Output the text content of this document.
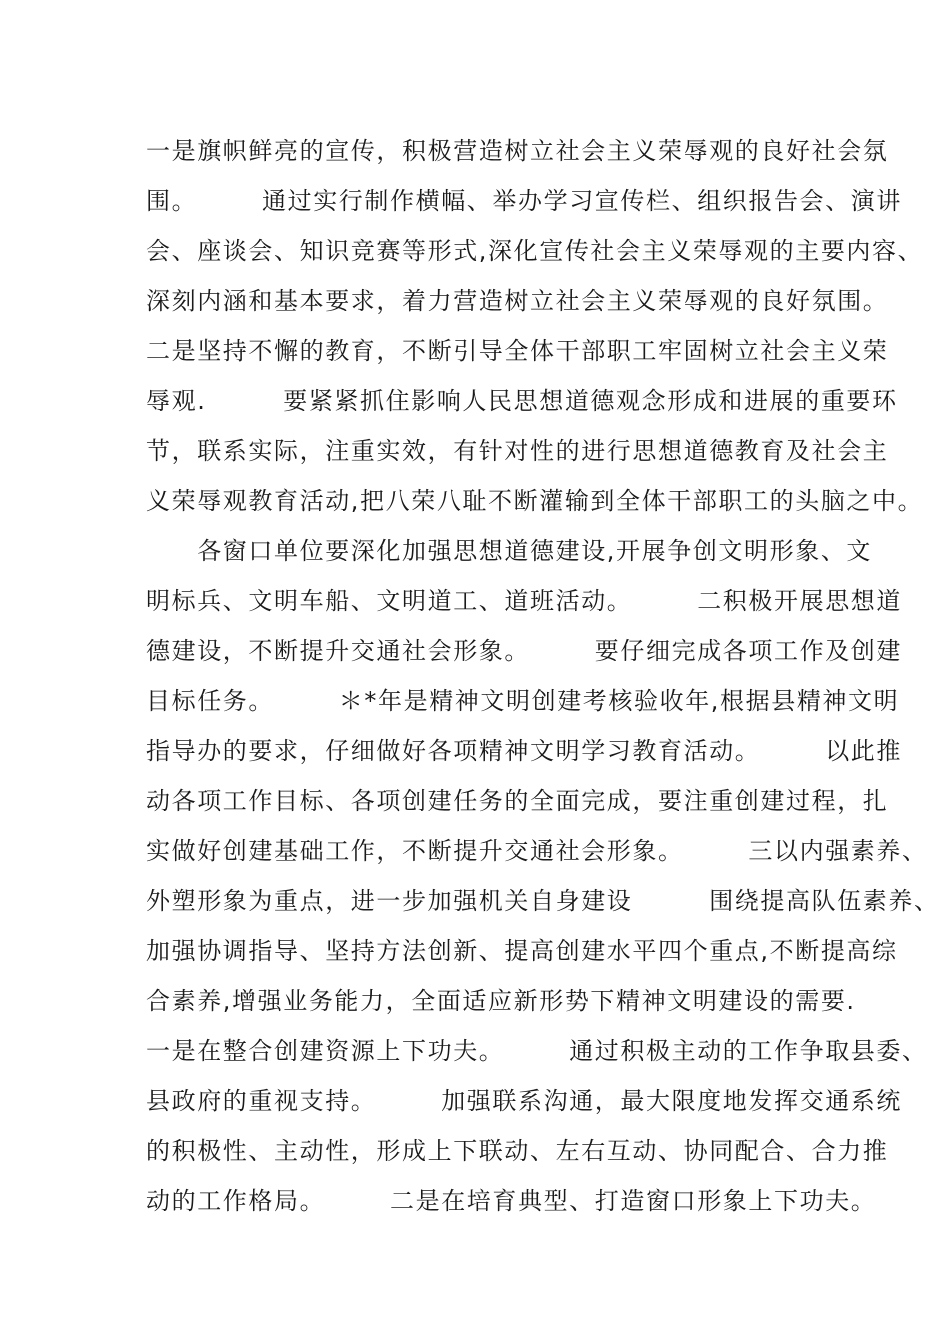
一是旗帜鲜亮的宣传，积极营造树立社会主义荣辱观的良好社会氛
围。　　　通过实行制作横幅、举办学习宣传栏、组织报告会、演讲
会、座谈会、知识竞赛等形式,深化宣传社会主义荣辱观的主要内容、
深刻内涵和基本要求，着力营造树立社会主义荣辱观的良好氛围。
二是坚持不懈的教育，不断引导全体干部职工牢固树立社会主义荣
辱观.　　　要紧紧抓住影响人民思想道德观念形成和进展的重要环
节，联系实际，注重实效，有针对性的进行思想道德教育及社会主
义荣辱观教育活动,把八荣八耻不断灌输到全体干部职工的头脑之中。
　　各窗口单位要深化加强思想道德建设,开展争创文明形象、文
明标兵、文明车船、文明道工、道班活动。　　　二积极开展思想道
德建设，不断提升交通社会形象。　　　要仔细完成各项工作及创建
目标任务。　　　＊*年是精神文明创建考核验收年,根据县精神文明
指导办的要求，仔细做好各项精神文明学习教育活动。　　　以此推
动各项工作目标、各项创建任务的全面完成，要注重创建过程，扎
实做好创建基础工作，不断提升交通社会形象。　　　三以内强素养、
外塑形象为重点，进一步加强机关自身建设　　　围绕提高队伍素养、
加强协调指导、坚持方法创新、提高创建水平四个重点,不断提高综
合素养,增强业务能力，全面适应新形势下精神文明建设的需要.
一是在整合创建资源上下功夫。　　　通过积极主动的工作争取县委、
县政府的重视支持。　　　加强联系沟通，最大限度地发挥交通系统
的积极性、主动性，形成上下联动、左右互动、协同配合、合力推
动的工作格局。　　　二是在培育典型、打造窗口形象上下功夫。
